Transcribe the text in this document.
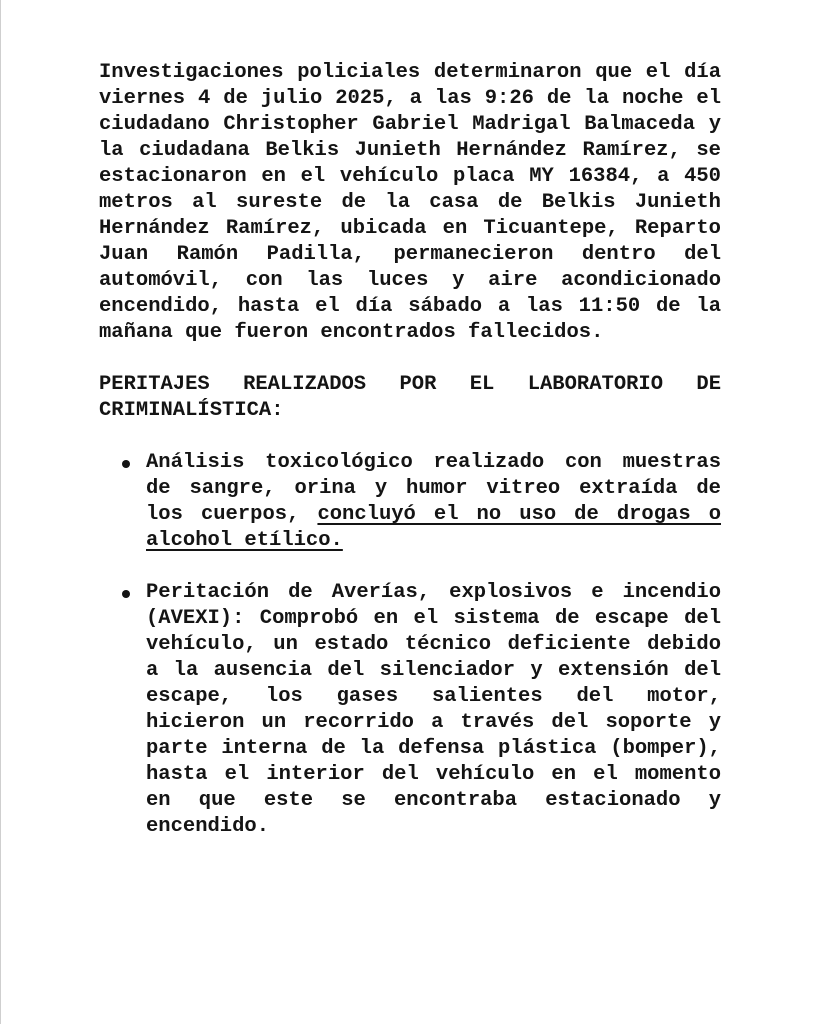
Investigaciones policiales determinaron que el día viernes 4 de julio 2025, a las 9:26 de la noche el ciudadano Christopher Gabriel Madrigal Balmaceda y la ciudadana Belkis Junieth Hernández Ramírez, se estacionaron en el vehículo placa MY 16384, a 450 metros al sureste de la casa de Belkis Junieth Hernández Ramírez, ubicada en Ticuantepe, Reparto Juan Ramón Padilla, permanecieron dentro del automóvil, con las luces y aire acondicionado encendido, hasta el día sábado a las 11:50 de la mañana que fueron encontrados fallecidos.

PERITAJES REALIZADOS POR EL LABORATORIO DE CRIMINALÍSTICA:

Análisis toxicológico realizado con muestras de sangre, orina y humor vitreo extraída de los cuerpos, concluyó el no uso de drogas o alcohol etílico.
Peritación de Averías, explosivos e incendio (AVEXI): Comprobó en el sistema de escape del vehículo, un estado técnico deficiente debido a la ausencia del silenciador y extensión del escape, los gases salientes del motor, hicieron un recorrido a través del soporte y parte interna de la defensa plástica (bomper), hasta el interior del vehículo en el momento en que este se encontraba estacionado y encendido.
